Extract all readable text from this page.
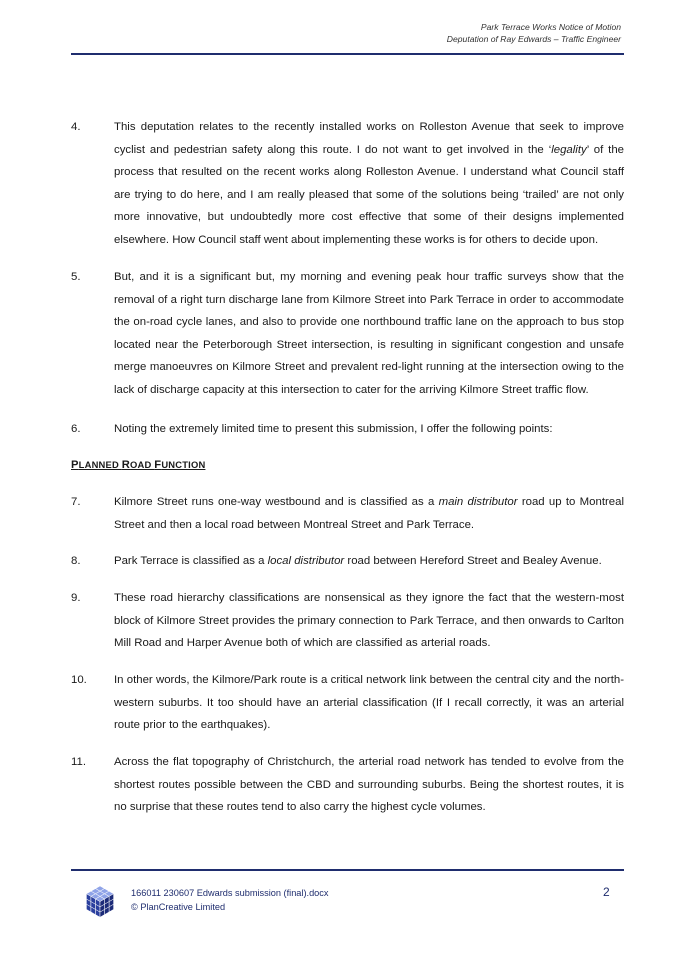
Park Terrace Works Notice of Motion
Deputation of Ray Edwards – Traffic Engineer
4.	This deputation relates to the recently installed works on Rolleston Avenue that seek to improve cyclist and pedestrian safety along this route. I do not want to get involved in the ‘legality’ of the process that resulted on the recent works along Rolleston Avenue. I understand what Council staff are trying to do here, and I am really pleased that some of the solutions being ‘trailed’ are not only more innovative, but undoubtedly more cost effective that some of their designs implemented elsewhere. How Council staff went about implementing these works is for others to decide upon.
5.	But, and it is a significant but, my morning and evening peak hour traffic surveys show that the removal of a right turn discharge lane from Kilmore Street into Park Terrace in order to accommodate the on-road cycle lanes, and also to provide one northbound traffic lane on the approach to bus stop located near the Peterborough Street intersection, is resulting in significant congestion and unsafe merge manoeuvres on Kilmore Street and prevalent red-light running at the intersection owing to the lack of discharge capacity at this intersection to cater for the arriving Kilmore Street traffic flow.
6.	Noting the extremely limited time to present this submission, I offer the following points:
PLANNED ROAD FUNCTION
7.	Kilmore Street runs one-way westbound and is classified as a main distributor road up to Montreal Street and then a local road between Montreal Street and Park Terrace.
8.	Park Terrace is classified as a local distributor road between Hereford Street and Bealey Avenue.
9.	These road hierarchy classifications are nonsensical as they ignore the fact that the western-most block of Kilmore Street provides the primary connection to Park Terrace, and then onwards to Carlton Mill Road and Harper Avenue both of which are classified as arterial roads.
10.	In other words, the Kilmore/Park route is a critical network link between the central city and the north-western suburbs. It too should have an arterial classification (If I recall correctly, it was an arterial route prior to the earthquakes).
11.	Across the flat topography of Christchurch, the arterial road network has tended to evolve from the shortest routes possible between the CBD and surrounding suburbs. Being the shortest routes, it is no surprise that these routes tend to also carry the highest cycle volumes.
166011 230607 Edwards submission (final).docx
© PlanCreative Limited
2
